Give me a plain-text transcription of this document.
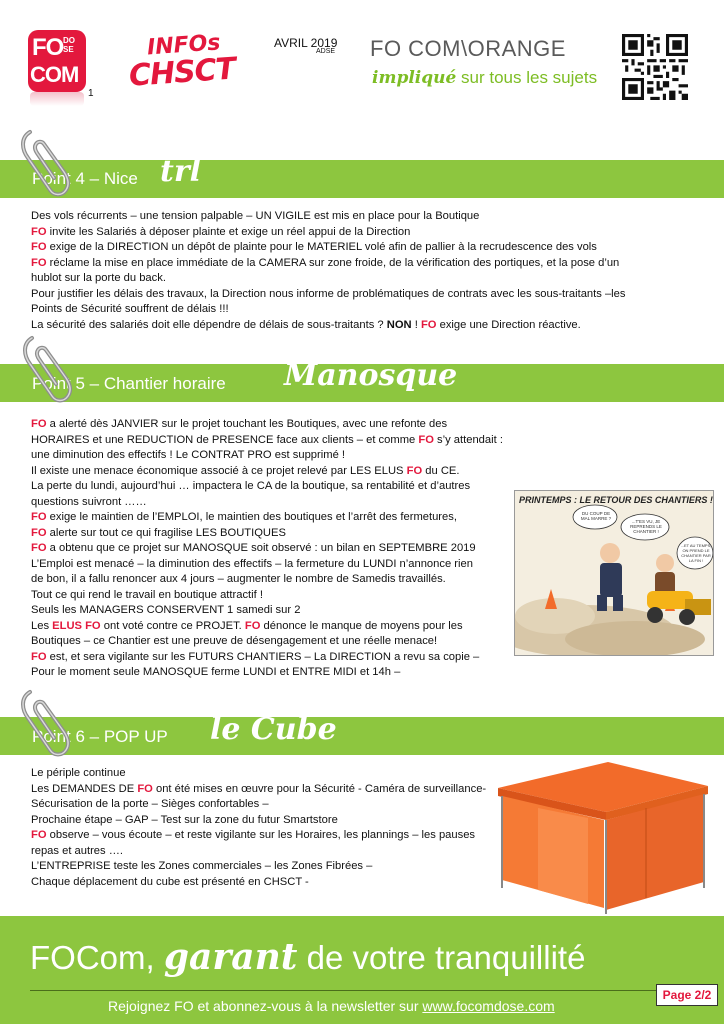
FO DO
SE
COM
1
INFOs
CHSCT
AVRIL 2019
ADSE FO COM\ORANGE
impliqué sur tous les sujets
Point 4 – Nice trl

Des vols récurrents – une tension palpable – UN VIGILE est mis en place pour la Boutique

FO invite les Salariés à déposer plainte et exige un réel appui de la Direction

FO exige de la DIRECTION un dépôt de plainte pour le MATERIEL volé afin de pallier à la recrudescence des vols

FO réclame la mise en place immédiate de la CAMERA sur zone froide, de la vérification des portiques, et la pose d’un

hublot sur la porte du back.

Pour justifier les délais des travaux, la Direction nous informe de problématiques de contrats avec les sous-traitants –les

Points de Sécurité souffrent de délais !!!

La sécurité des salariés doit elle dépendre de délais de sous-traitants ? NON ! FO exige une Direction réactive.

Point 5 – Chantier horaire Manosque

FO a alerté dès JANVIER sur le projet touchant les Boutiques, avec une refonte des

HORAIRES et une REDUCTION de PRESENCE face aux clients – et comme FO s’y attendait :

une diminution des effectifs ! Le CONTRAT PRO est supprimé !

Il existe une menace économique associé à ce projet relevé par LES ELUS FO du CE.

La perte du lundi, aujourd’hui … impactera le CA de la boutique, sa rentabilité et d’autres

questions suivront ……

FO exige le maintien de l’EMPLOI, le maintien des boutiques et l’arrêt des fermetures,

FO alerte sur tout ce qui fragilise LES BOUTIQUES

FO a obtenu que ce projet sur MANOSQUE soit observé : un bilan en SEPTEMBRE 2019

L’Emploi est menacé – la diminution des effectifs – la fermeture du LUNDI n’annonce rien

de bon, il a fallu renoncer aux 4 jours – augmenter le nombre de Samedis travaillés.

Tout ce qui rend le travail en boutique attractif !

Seuls les MANAGERS CONSERVENT 1 samedi sur 2

Les ELUS FO ont voté contre ce PROJET. FO dénonce le manque de moyens pour les

Boutiques – ce Chantier est une preuve de désengagement et une réelle menace!

FO est, et sera vigilante sur les FUTURS CHANTIERS – La DIRECTION a revu sa copie –

Pour le moment seule MANOSQUE ferme LUNDI et ENTRE MIDI et 14h –

PRINTEMPS : LE RETOUR DES CHANTIERS !
DU COUP DE MAL MARRE ?
...T'ES VU, JE REPRENDS LE CHANTIER !
...ET AU TEMPS, ON PREND LE CHANTIER PAR LA FIN !
Point 6 – POP UP le Cube

Le périple continue

Les DEMANDES DE FO ont été mises en œuvre pour la Sécurité - Caméra de surveillance-

Sécurisation de la porte – Sièges confortables –

Prochaine étape – GAP – Test sur la zone du futur Smartstore

FO observe – vous écoute – et reste vigilante sur les Horaires, les plannings – les pauses

repas et autres ….

L’ENTREPRISE teste les Zones commerciales – les Zones Fibrées –

Chaque déplacement du cube est présenté en CHSCT -

FOCom, garant de votre tranquillité
Rejoignez FO et abonnez-vous à la newsletter sur www.focomdose.com
Page 2/2
